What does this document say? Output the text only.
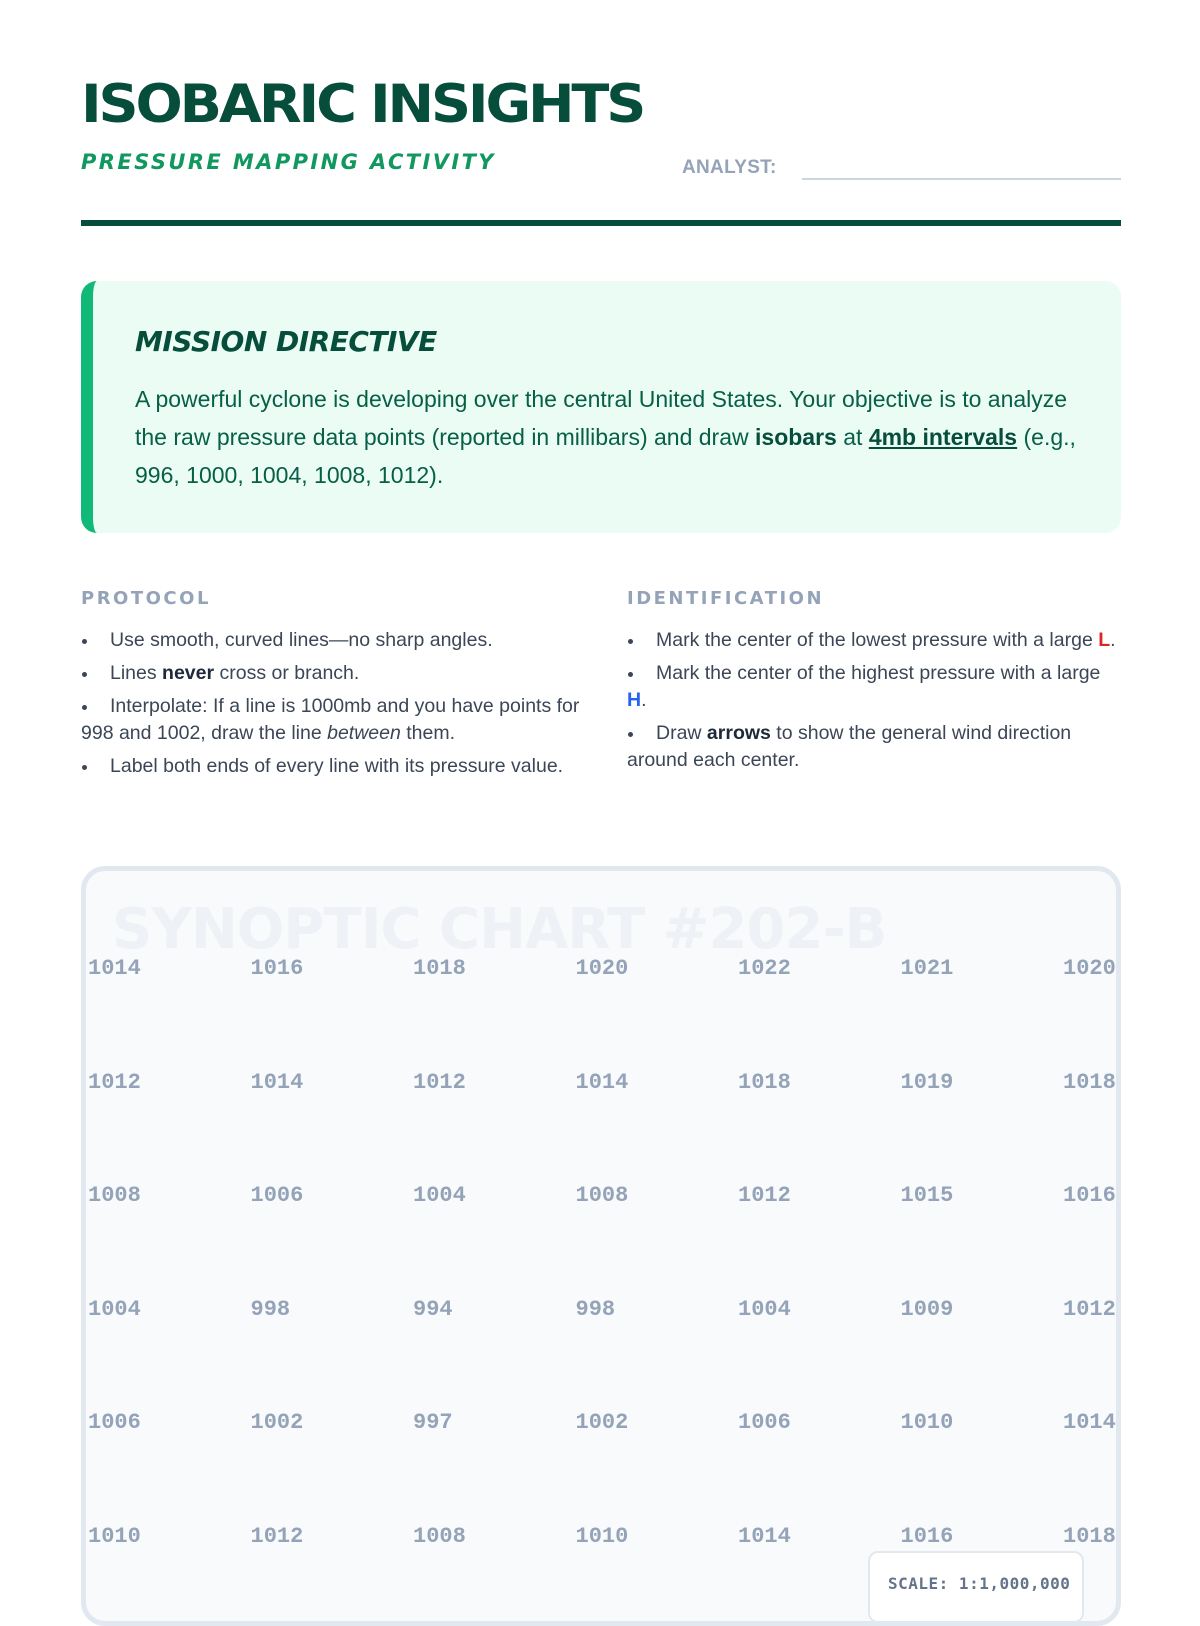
ISOBARIC INSIGHTS
PRESSURE MAPPING ACTIVITY	ANALYST:
MISSION DIRECTIVE

A powerful cyclone is developing over the central United States. Your objective is to analyze the raw pressure data points (reported in millibars) and draw isobars at 4mb intervals (e.g., 996, 1000, 1004, 1008, 1012).

PROTOCOL
Use smooth, curved lines—no sharp angles.
Lines never cross or branch.
Interpolate: If a line is 1000mb and you have points for 998 and 1002, draw the line between them.
Label both ends of every line with its pressure value.
IDENTIFICATION
Mark the center of the lowest pressure with a large L.
Mark the center of the highest pressure with a large H.
Draw arrows to show the general wind direction around each center.
SYNOPTIC CHART #202-B
1014	1016	1018	1020	1022	1021	1020
1012	1014	1012	1014	1018	1019	1018
1008	1006	1004	1008	1012	1015	1016
1004	998	994	998	1004	1009	1012
1006	1002	997	1002	1006	1010	1014
1010	1012	1008	1010	1014	1016	1018
SCALE: 1:1,000,000
